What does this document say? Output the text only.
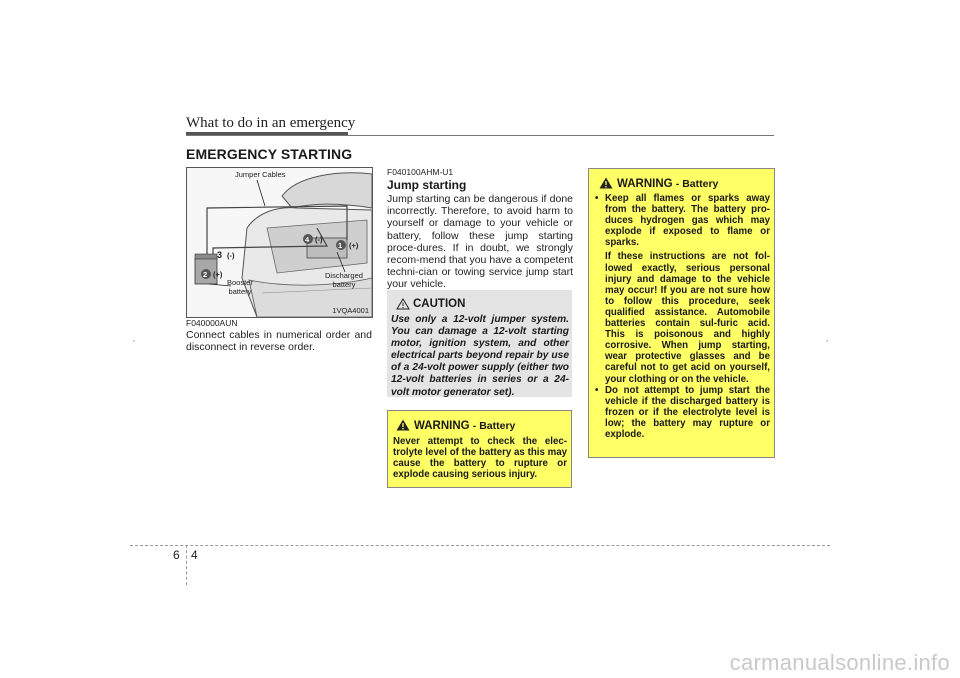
What to do in an emergency
EMERGENCY STARTING
Jumper Cables
Booster
battery
Discharged
battery
1VQA4001
2
4
1
3
(+)
(-)
(-)
(+)
F040000AUN
Connect cables in numerical order and disconnect in reverse order.
F040100AHM-U1
Jump starting
Jump starting can be dangerous if done incorrectly. Therefore, to avoid harm to yourself or damage to your vehicle or battery, follow these jump starting proce-dures. If in doubt, we strongly recom-mend that you have a competent techni-cian or towing service jump start your vehicle.
CAUTION
Use only a 12-volt jumper system. You can damage a 12-volt starting motor, ignition system, and other electrical parts beyond repair by use of a 24-volt power supply (either two 12-volt batteries in series or a 24-volt motor generator set).
WARNING - Battery
Never attempt to check the elec-trolyte level of the battery as this may cause the battery to rupture or explode causing serious injury.
WARNING - Battery
• Keep all flames or sparks away from the battery. The battery pro-duces hydrogen gas which may explode if exposed to flame or sparks.
If these instructions are not fol-lowed exactly, serious personal injury and damage to the vehicle may occur! If you are not sure how to follow this procedure, seek qualified assistance. Automobile batteries contain sul-furic acid. This is poisonous and highly corrosive. When jump starting, wear protective glasses and be careful not to get acid on yourself, your clothing or on the vehicle.
• Do not attempt to jump start the vehicle if the discharged battery is frozen or if the electrolyte level is low; the battery may rupture or explode.
6 4
carmanualsonline.info
